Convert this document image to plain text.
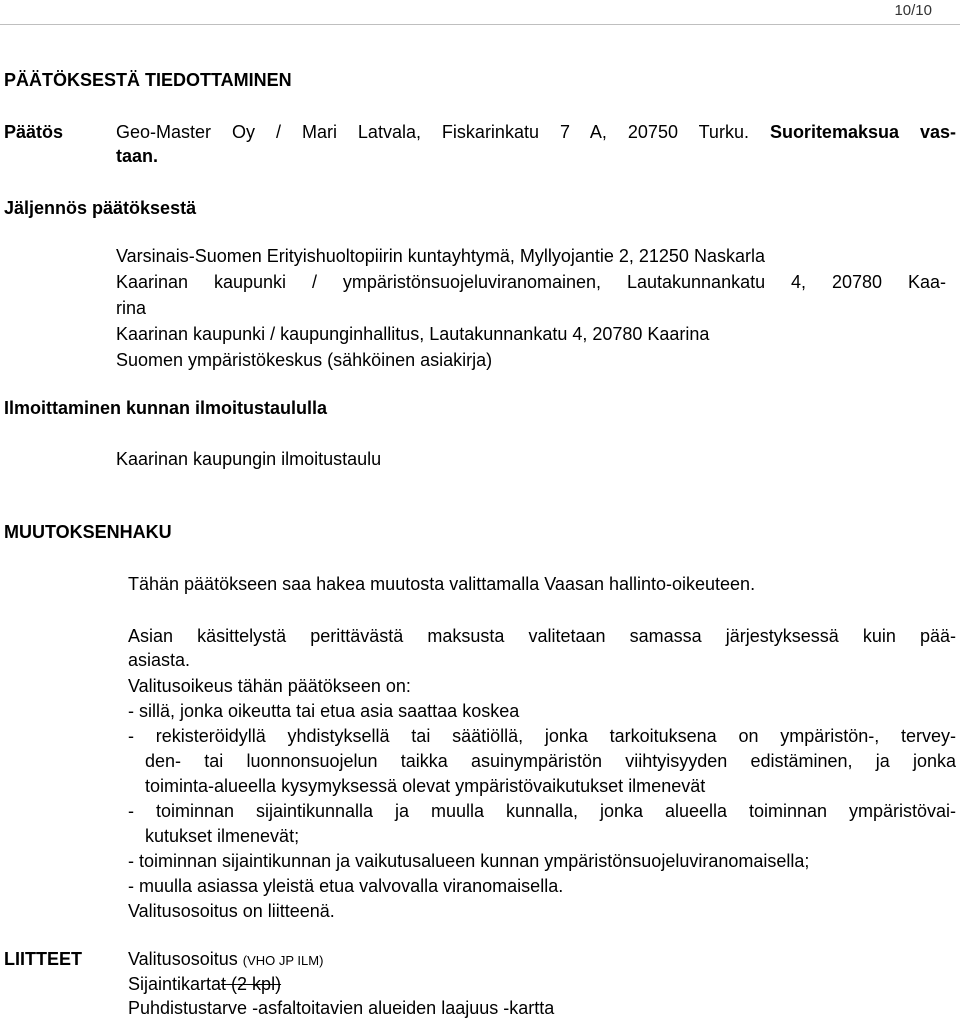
10/10
PÄÄTÖKSESTÄ TIEDOTTAMINEN
Päätös	Geo-Master Oy / Mari Latvala, Fiskarinkatu 7 A, 20750 Turku. Suoritemaksua vas-
taan.
Jäljennös päätöksestä
Varsinais-Suomen Erityishuoltopiirin kuntayhtymä, Myllyojantie 2, 21250 Naskarla
Kaarinan kaupunki / ympäristönsuojeluviranomainen, Lautakunnankatu 4, 20780 Kaa-
rina
Kaarinan kaupunki / kaupunginhallitus, Lautakunnankatu 4, 20780 Kaarina
Suomen ympäristökeskus (sähköinen asiakirja)
Ilmoittaminen kunnan ilmoitustaululla
Kaarinan kaupungin ilmoitustaulu
MUUTOKSENHAKU
Tähän päätökseen saa hakea muutosta valittamalla Vaasan hallinto-oikeuteen.
Asian käsittelystä perittävästä maksusta valitetaan samassa järjestyksessä kuin pää-
asiasta.
Valitusoikeus tähän päätökseen on:
- sillä, jonka oikeutta tai etua asia saattaa koskea
- rekisteröidyllä yhdistyksellä tai säätiöllä, jonka tarkoituksena on ympäristön-, tervey-
den- tai luonnonsuojelun taikka asuinympäristön viihtyisyyden edistäminen, ja jonka
toiminta-alueella kysymyksessä olevat ympäristövaikutukset ilmenevät
- toiminnan sijaintikunnalla ja muulla kunnalla, jonka alueella toiminnan ympäristövai-
kutukset ilmenevät;
- toiminnan sijaintikunnan ja vaikutusalueen kunnan ympäristönsuojeluviranomaisella;
- muulla asiassa yleistä etua valvovalla viranomaisella.
Valitusosoitus on liitteenä.
LIITTEET	Valitusosoitus (VHO JP ILM)
Sijaintikartat (2 kpl)
Puhdistustarve -asfaltoitavien alueiden laajuus -kartta
